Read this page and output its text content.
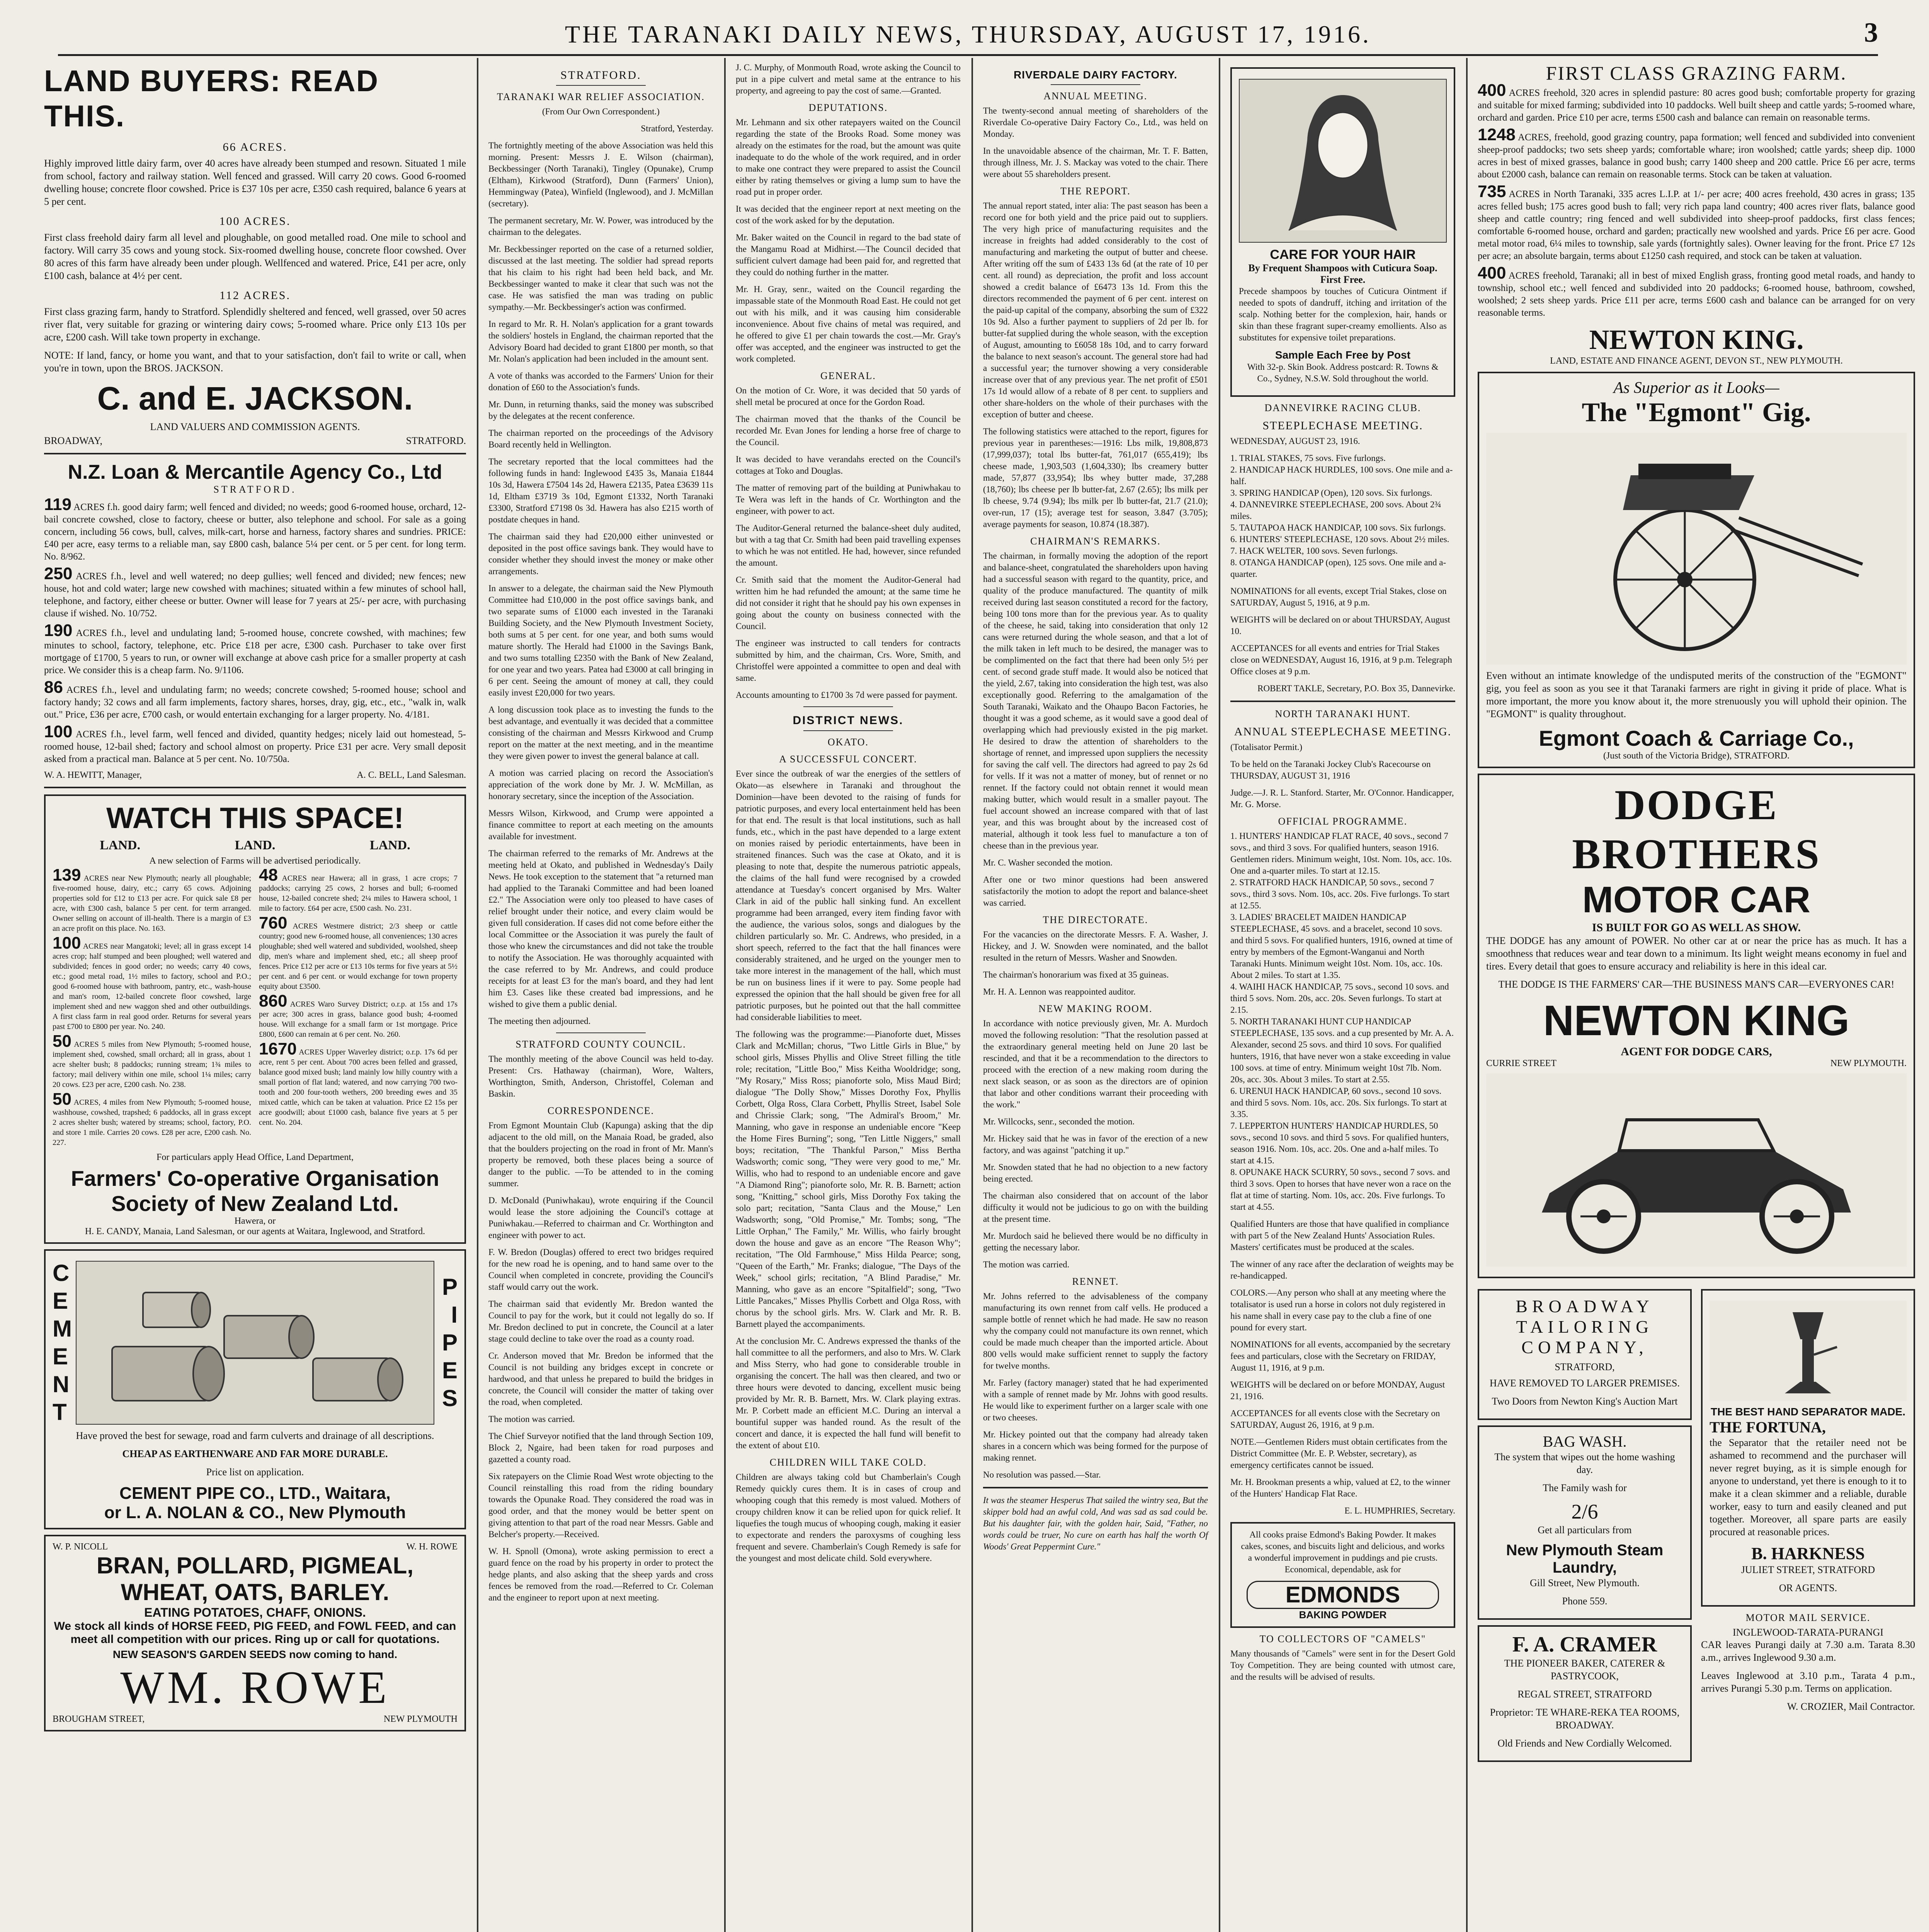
THE TARANAKI DAILY NEWS, THURSDAY, AUGUST 17, 1916.	3
LAND BUYERS: READ THIS.
66 ACRES.

Highly improved little dairy farm, over 40 acres have already been stumped and resown. Situated 1 mile from school, factory and railway station. Well fenced and grassed. Will carry 20 cows. Good 6-roomed dwelling house; concrete floor cowshed. Price is £37 10s per acre, £350 cash required, balance 6 years at 5 per cent.

100 ACRES.

First class freehold dairy farm all level and ploughable, on good metalled road. One mile to school and factory. Will carry 35 cows and young stock. Six-roomed dwelling house, concrete floor cowshed. Over 80 acres of this farm have already been under plough. Wellfenced and watered. Price, £41 per acre, only £100 cash, balance at 4½ per cent.

112 ACRES.

First class grazing farm, handy to Stratford. Splendidly sheltered and fenced, well grassed, over 50 acres river flat, very suitable for grazing or wintering dairy cows; 5-roomed whare. Price only £13 10s per acre, £200 cash. Will take town property in exchange.

NOTE: If land, fancy, or home you want, and that to your satisfaction, don't fail to write or call, when you're in town, upon the BROS. JACKSON.

C. and E. JACKSON.
LAND VALUERS AND COMMISSION AGENTS.
BROADWAY,	STRATFORD.
N.Z. Loan & Mercantile Agency Co., Ltd
STRATFORD.
119 ACRES f.h. good dairy farm; well fenced and divided; no weeds; good 6-roomed house, orchard, 12-bail concrete cowshed, close to factory, cheese or butter, also telephone and school. For sale as a going concern, including 56 cows, bull, calves, milk-cart, horse and harness, factory shares and sundries. PRICE: £40 per acre, easy terms to a reliable man, say £800 cash, balance 5¼ per cent. or 5 per cent. for long term. No. 8/962.
250 ACRES f.h., level and well watered; no deep gullies; well fenced and divided; new fences; new house, hot and cold water; large new cowshed with machines; situated within a few minutes of school hall, telephone, and factory, either cheese or butter. Owner will lease for 7 years at 25/- per acre, with purchasing clause if wished. No. 10/752.
190 ACRES f.h., level and undulating land; 5-roomed house, concrete cowshed, with machines; few minutes to school, factory, telephone, etc. Price £18 per acre, £300 cash. Purchaser to take over first mortgage of £1700, 5 years to run, or owner will exchange at above cash price for a smaller property at cash price. We consider this is a cheap farm. No. 9/1106.
86 ACRES f.h., level and undulating farm; no weeds; concrete cowshed; 5-roomed house; school and factory handy; 32 cows and all farm implements, factory shares, horses, dray, gig, etc., etc., "walk in, walk out." Price, £36 per acre, £700 cash, or would entertain exchanging for a larger property. No. 4/181.
100 ACRES f.h., level farm, well fenced and divided, quantity hedges; nicely laid out homestead, 5-roomed house, 12-bail shed; factory and school almost on property. Price £31 per acre. Very small deposit asked from a practical man. Balance at 5 per cent. No. 10/750a.
W. A. HEWITT, Manager,	A. C. BELL, Land Salesman.
WATCH THIS SPACE!
LAND.	LAND.	LAND.
A new selection of Farms will be advertised periodically.
139 ACRES near New Plymouth; nearly all ploughable; five-roomed house, dairy, etc.; carry 65 cows. Adjoining properties sold for £12 to £13 per acre. For quick sale £8 per acre, with £300 cash, balance 5 per cent. for term arranged. Owner selling on account of ill-health. There is a margin of £3 an acre profit on this place. No. 163.
100 ACRES near Mangatoki; level; all in grass except 14 acres crop; half stumped and been ploughed; well watered and subdivided; fences in good order; no weeds; carry 40 cows, etc.; good metal road, 1½ miles to factory, school and P.O.; good 6-roomed house with bathroom, pantry, etc., wash-house and man's room, 12-bailed concrete floor cowshed, large implement shed and new waggon shed and other outbuildings. A first class farm in real good order. Returns for several years past £700 to £800 per year. No. 240.
50 ACRES 5 miles from New Plymouth; 5-roomed house, implement shed, cowshed, small orchard; all in grass, about 1 acre shelter bush; 8 paddocks; running stream; 1¾ miles to factory; mail delivery within one mile, school 1¼ miles; carry 20 cows. £23 per acre, £200 cash. No. 238.
50 ACRES, 4 miles from New Plymouth; 5-roomed house, washhouse, cowshed, trapshed; 6 paddocks, all in grass except 2 acres shelter bush; watered by streams; school, factory, P.O. and store 1 mile. Carries 20 cows. £28 per acre, £200 cash. No. 227.
48 ACRES near Hawera; all in grass, 1 acre crops; 7 paddocks; carrying 25 cows, 2 horses and bull; 6-roomed house, 12-bailed concrete shed; 2¼ miles to Hawera school, 1 mile to factory. £64 per acre, £500 cash. No. 231.
760 ACRES Westmere district; 2/3 sheep or cattle country; good new 6-roomed house, all conveniences; 130 acres ploughable; shed well watered and subdivided, woolshed, sheep dip, men's whare and implement shed, etc.; all sheep proof fences. Price £12 per acre or £13 10s terms for five years at 5½ per cent. and 6 per cent. or would exchange for town property equity about £3500.
860 ACRES Waro Survey District; o.r.p. at 15s and 17s per acre; 300 acres in grass, balance good bush; 4-roomed house. Will exchange for a small farm or 1st mortgage. Price £800, £600 can remain at 6 per cent. No. 260.
1670 ACRES Upper Waverley district; o.r.p. 17s 6d per acre, rent 5 per cent. About 700 acres been felled and grassed, balance good mixed bush; land mainly low hilly country with a small portion of flat land; watered, and now carrying 700 two-tooth and 200 four-tooth wethers, 200 breeding ewes and 35 mixed cattle, which can be taken at valuation. Price £2 15s per acre goodwill; about £1000 cash, balance five years at 5 per cent. No. 204.
For particulars apply Head Office, Land Department,
Farmers' Co-operative Organisation
Society of New Zealand Ltd.
Hawera, or
H. E. CANDY, Manaia, Land Salesman, or our agents at Waitara, Inglewood, and Stratford.
C E M E N T
P I P E S

Have proved the best for sewage, road and farm culverts and drainage of all descriptions.

CHEAP AS EARTHENWARE AND FAR MORE DURABLE.

Price list on application.

CEMENT PIPE CO., LTD., Waitara,
or L. A. NOLAN & CO., New Plymouth
W. P. NICOLL	W. H. ROWE
BRAN, POLLARD, PIGMEAL,
WHEAT, OATS, BARLEY.
EATING POTATOES, CHAFF, ONIONS.
We stock all kinds of HORSE FEED, PIG FEED, and FOWL FEED, and can meet all competition with our prices. Ring up or call for quotations.
NEW SEASON'S GARDEN SEEDS now coming to hand.
WM. ROWE
BROUGHAM STREET,	NEW PLYMOUTH
STRATFORD.
TARANAKI WAR RELIEF ASSOCIATION.

(From Our Own Correspondent.)

Stratford, Yesterday.

The fortnightly meeting of the above Association was held this morning. Present: Messrs J. E. Wilson (chairman), Beckbessinger (North Taranaki), Tingley (Opunake), Crump (Eltham), Kirkwood (Stratford), Dunn (Farmers' Union), Hemmingway (Patea), Winfield (Inglewood), and J. McMillan (secretary).

The permanent secretary, Mr. W. Power, was introduced by the chairman to the delegates.

Mr. Beckbessinger reported on the case of a returned soldier, discussed at the last meeting. The soldier had spread reports that his claim to his right had been held back, and Mr. Beckbessinger wanted to make it clear that such was not the case. He was satisfied the man was trading on public sympathy.—Mr. Beckbessinger's action was confirmed.

In regard to Mr. R. H. Nolan's application for a grant towards the soldiers' hostels in England, the chairman reported that the Advisory Board had decided to grant £1800 per month, so that Mr. Nolan's application had been included in the amount sent.

A vote of thanks was accorded to the Farmers' Union for their donation of £60 to the Association's funds.

Mr. Dunn, in returning thanks, said the money was subscribed by the delegates at the recent conference.

The chairman reported on the proceedings of the Advisory Board recently held in Wellington.

The secretary reported that the local committees had the following funds in hand: Inglewood £435 3s, Manaia £1844 10s 3d, Hawera £7504 14s 2d, Hawera £2135, Patea £3639 11s 1d, Eltham £3719 3s 10d, Egmont £1332, North Taranaki £3300, Stratford £7198 0s 3d. Hawera has also £215 worth of postdate cheques in hand.

The chairman said they had £20,000 either uninvested or deposited in the post office savings bank. They would have to consider whether they should invest the money or make other arrangements.

In answer to a delegate, the chairman said the New Plymouth Committee had £10,000 in the post office savings bank, and two separate sums of £1000 each invested in the Taranaki Building Society, and the New Plymouth Investment Society, both sums at 5 per cent. for one year, and both sums would mature shortly. The Herald had £1000 in the Savings Bank, and two sums totalling £2350 with the Bank of New Zealand, for one year and two years. Patea had £3000 at call bringing in 6 per cent. Seeing the amount of money at call, they could easily invest £20,000 for two years.

A long discussion took place as to investing the funds to the best advantage, and eventually it was decided that a committee consisting of the chairman and Messrs Kirkwood and Crump report on the matter at the next meeting, and in the meantime they were given power to invest the general balance at call.

A motion was carried placing on record the Association's appreciation of the work done by Mr. J. W. McMillan, as honorary secretary, since the inception of the Association.

Messrs Wilson, Kirkwood, and Crump were appointed a finance committee to report at each meeting on the amounts available for investment.

The chairman referred to the remarks of Mr. Andrews at the meeting held at Okato, and published in Wednesday's Daily News. He took exception to the statement that "a returned man had applied to the Taranaki Committee and had been loaned £2." The Association were only too pleased to have cases of relief brought under their notice, and every claim would be given full consideration. If cases did not come before either the local Committee or the Association it was purely the fault of those who knew the circumstances and did not take the trouble to notify the Association. He was thoroughly acquainted with the case referred to by Mr. Andrews, and could produce receipts for at least £3 for the man's board, and they had lent him £3. Cases like these created bad impressions, and he wished to give them a public denial.

The meeting then adjourned.

STRATFORD COUNTY COUNCIL.

The monthly meeting of the above Council was held to-day. Present: Crs. Hathaway (chairman), Wore, Walters, Worthington, Smith, Anderson, Christoffel, Coleman and Baskin.

CORRESPONDENCE.

From Egmont Mountain Club (Kapunga) asking that the dip adjacent to the old mill, on the Manaia Road, be graded, also that the boulders projecting on the road in front of Mr. Mann's property be removed, both these places being a source of danger to the public. —To be attended to in the coming summer.

D. McDonald (Puniwhakau), wrote enquiring if the Council would lease the store adjoining the Council's cottage at Puniwhakau.—Referred to chairman and Cr. Worthington and engineer with power to act.

F. W. Bredon (Douglas) offered to erect two bridges required for the new road he is opening, and to hand same over to the Council when completed in concrete, providing the Council's staff would carry out the work.

The chairman said that evidently Mr. Bredon wanted the Council to pay for the work, but it could not legally do so. If Mr. Bredon declined to put in concrete, the Council at a later stage could decline to take over the road as a county road.

Cr. Anderson moved that Mr. Bredon be informed that the Council is not building any bridges except in concrete or hardwood, and that unless he prepared to build the bridges in concrete, the Council will consider the matter of taking over the road, when completed.

The motion was carried.

The Chief Surveyor notified that the land through Section 109, Block 2, Ngaire, had been taken for road purposes and gazetted a county road.

Six ratepayers on the Climie Road West wrote objecting to the Council reinstalling this road from the riding boundary towards the Opunake Road. They considered the road was in good order, and that the money would be better spent on giving attention to that part of the road near Messrs. Gable and Belcher's property.—Received.

W. H. Spnoll (Omona), wrote asking permission to erect a guard fence on the road by his property in order to protect the hedge plants, and also asking that the sheep yards and cross fences be removed from the road.—Referred to Cr. Coleman and the engineer to report upon at next meeting.

J. C. Murphy, of Monmouth Road, wrote asking the Council to put in a pipe culvert and metal same at the entrance to his property, and agreeing to pay the cost of same.—Granted.

DEPUTATIONS.

Mr. Lehmann and six other ratepayers waited on the Council regarding the state of the Brooks Road. Some money was already on the estimates for the road, but the amount was quite inadequate to do the whole of the work required, and in order to make one contract they were prepared to assist the Council either by rating themselves or giving a lump sum to have the road put in proper order.

It was decided that the engineer report at next meeting on the cost of the work asked for by the deputation.

Mr. Baker waited on the Council in regard to the bad state of the Mangamu Road at Midhirst.—The Council decided that sufficient culvert damage had been paid for, and regretted that they could do nothing further in the matter.

Mr. H. Gray, senr., waited on the Council regarding the impassable state of the Monmouth Road East. He could not get out with his milk, and it was causing him considerable inconvenience. About five chains of metal was required, and he offered to give £1 per chain towards the cost.—Mr. Gray's offer was accepted, and the engineer was instructed to get the work completed.

GENERAL.

On the motion of Cr. Wore, it was decided that 50 yards of shell metal be procured at once for the Gordon Road.

The chairman moved that the thanks of the Council be recorded Mr. Evan Jones for lending a horse free of charge to the Council.

It was decided to have verandahs erected on the Council's cottages at Toko and Douglas.

The matter of removing part of the building at Puniwhakau to Te Wera was left in the hands of Cr. Worthington and the engineer, with power to act.

The Auditor-General returned the balance-sheet duly audited, but with a tag that Cr. Smith had been paid travelling expenses to which he was not entitled. He had, however, since refunded the amount.

Cr. Smith said that the moment the Auditor-General had written him he had refunded the amount; at the same time he did not consider it right that he should pay his own expenses in going about the county on business connected with the Council.

The engineer was instructed to call tenders for contracts submitted by him, and the chairman, Crs. Wore, Smith, and Christoffel were appointed a committee to open and deal with same.

Accounts amounting to £1700 3s 7d were passed for payment.

DISTRICT NEWS.
OKATO.
A SUCCESSFUL CONCERT.

Ever since the outbreak of war the energies of the settlers of Okato—as elsewhere in Taranaki and throughout the Dominion—have been devoted to the raising of funds for patriotic purposes, and every local entertainment held has been for that end. The result is that local institutions, such as hall funds, etc., which in the past have depended to a large extent on monies raised by periodic entertainments, have been in straitened finances. Such was the case at Okato, and it is pleasing to note that, despite the numerous patriotic appeals, the claims of the hall fund were recognised by a crowded attendance at Tuesday's concert organised by Mrs. Walter Clark in aid of the public hall sinking fund. An excellent programme had been arranged, every item finding favor with the audience, the various solos, songs and dialogues by the children particularly so. Mr. C. Andrews, who presided, in a short speech, referred to the fact that the hall finances were considerably straitened, and he urged on the younger men to take more interest in the management of the hall, which must be run on business lines if it were to pay. Some people had expressed the opinion that the hall should be given free for all patriotic purposes, but he pointed out that the hall committee had considerable liabilities to meet.

The following was the programme:—Pianoforte duet, Misses Clark and McMillan; chorus, "Two Little Girls in Blue," by school girls, Misses Phyllis and Olive Street filling the title role; recitation, "Little Boo," Miss Keitha Wooldridge; song, "My Rosary," Miss Ross; pianoforte solo, Miss Maud Bird; dialogue "The Dolly Show," Misses Dorothy Fox, Phyllis Corbett, Olga Ross, Clara Corbett, Phyllis Street, Isabel Sole and Chrissie Clark; song, "The Admiral's Broom," Mr. Manning, who gave in response an undeniable encore "Keep the Home Fires Burning"; song, "Ten Little Niggers," small boys; recitation, "The Thankful Parson," Miss Bertha Wadsworth; comic song, "They were very good to me," Mr. Willis, who had to respond to an undeniable encore and gave "A Diamond Ring"; pianoforte solo, Mr. R. B. Barnett; action song, "Knitting," school girls, Miss Dorothy Fox taking the solo part; recitation, "Santa Claus and the Mouse," Len Wadsworth; song, "Old Promise," Mr. Tombs; song, "The Little Orphan," The Family," Mr. Willis, who fairly brought down the house and gave as an encore "The Reason Why"; recitation, "The Old Farmhouse," Miss Hilda Pearce; song, "Queen of the Earth," Mr. Franks; dialogue, "The Days of the Week," school girls; recitation, "A Blind Paradise," Mr. Manning, who gave as an encore "Spitalfield"; song, "Two Little Pancakes," Misses Phyllis Corbett and Olga Ross, with chorus by the school girls. Mrs. W. Clark and Mr. R. B. Barnett played the accompaniments.

At the conclusion Mr. C. Andrews expressed the thanks of the hall committee to all the performers, and also to Mrs. W. Clark and Miss Sterry, who had gone to considerable trouble in organising the concert. The hall was then cleared, and two or three hours were devoted to dancing, excellent music being provided by Mr. R. B. Barnett, Mrs. W. Clark playing extras. Mr. P. Corbett made an efficient M.C. During an interval a bountiful supper was handed round. As the result of the concert and dance, it is expected the hall fund will benefit to the extent of about £10.

CHILDREN WILL TAKE COLD.

Children are always taking cold but Chamberlain's Cough Remedy quickly cures them. It is in cases of croup and whooping cough that this remedy is most valued. Mothers of croupy children know it can be relied upon for quick relief. It liquefies the tough mucus of whooping cough, making it easier to expectorate and renders the paroxysms of coughing less frequent and severe. Chamberlain's Cough Remedy is safe for the youngest and most delicate child. Sold everywhere.

RIVERDALE DAIRY FACTORY.
ANNUAL MEETING.

The twenty-second annual meeting of shareholders of the Riverdale Co-operative Dairy Factory Co., Ltd., was held on Monday.

In the unavoidable absence of the chairman, Mr. T. F. Batten, through illness, Mr. J. S. Mackay was voted to the chair. There were about 55 shareholders present.

THE REPORT.

The annual report stated, inter alia: The past season has been a record one for both yield and the price paid out to suppliers. The very high price of manufacturing requisites and the increase in freights had added considerably to the cost of manufacturing and marketing the output of butter and cheese. After writing off the sum of £433 13s 6d (at the rate of 10 per cent. all round) as depreciation, the profit and loss account showed a credit balance of £6473 13s 1d. From this the directors recommended the payment of 6 per cent. interest on the paid-up capital of the company, absorbing the sum of £322 10s 9d. Also a further payment to suppliers of 2d per lb. for butter-fat supplied during the whole season, with the exception of August, amounting to £6058 18s 10d, and to carry forward the balance to next season's account. The general store had had a successful year; the turnover showing a very considerable increase over that of any previous year. The net profit of £501 17s 1d would allow of a rebate of 8 per cent. to suppliers and other share-holders on the whole of their purchases with the exception of butter and cheese.

The following statistics were attached to the report, figures for previous year in parentheses:—1916: Lbs milk, 19,808,873 (17,999,037); total lbs butter-fat, 761,017 (655,419); lbs cheese made, 1,903,503 (1,604,330); lbs creamery butter made, 57,877 (33,954); lbs whey butter made, 37,288 (18,760); lbs cheese per lb butter-fat, 2.67 (2.65); lbs milk per lb cheese, 9.74 (9.94); lbs milk per lb butter-fat, 21.7 (21.0); over-run, 17 (15); average test for season, 3.847 (3.705); average payments for season, 10.874 (18.387).

CHAIRMAN'S REMARKS.

The chairman, in formally moving the adoption of the report and balance-sheet, congratulated the shareholders upon having had a successful season with regard to the quantity, price, and quality of the produce manufactured. The quantity of milk received during last season constituted a record for the factory, being 100 tons more than for the previous year. As to quality of the cheese, he said, taking into consideration that only 12 cans were returned during the whole season, and that a lot of the milk taken in left much to be desired, the manager was to be complimented on the fact that there had been only 5½ per cent. of second grade stuff made. It would also be noticed that the yield, 2.67, taking into consideration the high test, was also exceptionally good. Referring to the amalgamation of the South Taranaki, Waikato and the Ohaupo Bacon Factories, he thought it was a good scheme, as it would save a good deal of overlapping which had previously existed in the pig market. He desired to draw the attention of shareholders to the shortage of rennet, and impressed upon suppliers the necessity for saving the calf vell. The directors had agreed to pay 2s 6d for vells. If it was not a matter of money, but of rennet or no rennet. If the factory could not obtain rennet it would mean making butter, which would result in a smaller payout. The fuel account showed an increase compared with that of last year, and this was brought about by the increased cost of material, although it took less fuel to manufacture a ton of cheese than in the previous year.

Mr. C. Washer seconded the motion.

After one or two minor questions had been answered satisfactorily the motion to adopt the report and balance-sheet was carried.

THE DIRECTORATE.

For the vacancies on the directorate Messrs. F. A. Washer, J. Hickey, and J. W. Snowden were nominated, and the ballot resulted in the return of Messrs. Washer and Snowden.

The chairman's honorarium was fixed at 35 guineas.

Mr. H. A. Lennon was reappointed auditor.

NEW MAKING ROOM.

In accordance with notice previously given, Mr. A. Murdoch moved the following resolution: "That the resolution passed at the extraordinary general meeting held on June 20 last be rescinded, and that it be a recommendation to the directors to proceed with the erection of a new making room during the next slack season, or as soon as the directors are of opinion that labor and other conditions warrant their proceeding with the work."

Mr. Willcocks, senr., seconded the motion.

Mr. Hickey said that he was in favor of the erection of a new factory, and was against "patching it up."

Mr. Snowden stated that he had no objection to a new factory being erected.

The chairman also considered that on account of the labor difficulty it would not be judicious to go on with the building at the present time.

Mr. Murdoch said he believed there would be no difficulty in getting the necessary labor.

The motion was carried.

RENNET.

Mr. Johns referred to the advisableness of the company manufacturing its own rennet from calf vells. He produced a sample bottle of rennet which he had made. He saw no reason why the company could not manufacture its own rennet, which could be made much cheaper than the imported article. About 800 vells would make sufficient rennet to supply the factory for twelve months.

Mr. Farley (factory manager) stated that he had experimented with a sample of rennet made by Mr. Johns with good results. He would like to experiment further on a larger scale with one or two cheeses.

Mr. Hickey pointed out that the company had already taken shares in a concern which was being formed for the purpose of making rennet.

No resolution was passed.—Star.

It was the steamer Hesperus That sailed the wintry sea, But the skipper bold had an awful cold, And was sad as sad could be. But his daughter fair, with the golden hair, Said, "Father, no words could be truer, No cure on earth has half the worth Of Woods' Great Peppermint Cure."

CARE FOR YOUR HAIR
By Frequent Shampoos with Cuticura Soap. First Free.

Precede shampoos by touches of Cuticura Ointment if needed to spots of dandruff, itching and irritation of the scalp. Nothing better for the complexion, hair, hands or skin than these fragrant super-creamy emollients. Also as substitutes for expensive toilet preparations.

Sample Each Free by Post

With 32-p. Skin Book. Address postcard: R. Towns & Co., Sydney, N.S.W. Sold throughout the world.

DANNEVIRKE RACING CLUB.
STEEPLECHASE MEETING.

WEDNESDAY, AUGUST 23, 1916.

1. TRIAL STAKES, 75 sovs. Five furlongs.
2. HANDICAP HACK HURDLES, 100 sovs. One mile and a-half.
3. SPRING HANDICAP (Open), 120 sovs. Six furlongs.
4. DANNEVIRKE STEEPLECHASE, 200 sovs. About 2¾ miles.
5. TAUTAPOA HACK HANDICAP, 100 sovs. Six furlongs.
6. HUNTERS' STEEPLECHASE, 120 sovs. About 2½ miles.
7. HACK WELTER, 100 sovs. Seven furlongs.
8. OTANGA HANDICAP (open), 125 sovs. One mile and a-quarter.

NOMINATIONS for all events, except Trial Stakes, close on SATURDAY, August 5, 1916, at 9 p.m.

WEIGHTS will be declared on or about THURSDAY, August 10.

ACCEPTANCES for all events and entries for Trial Stakes close on WEDNESDAY, August 16, 1916, at 9 p.m. Telegraph Office closes at 9 p.m.

ROBERT TAKLE, Secretary, P.O. Box 35, Dannevirke.

NORTH TARANAKI HUNT.
ANNUAL STEEPLECHASE MEETING.

(Totalisator Permit.)

To be held on the Taranaki Jockey Club's Racecourse on THURSDAY, AUGUST 31, 1916

Judge.—J. R. L. Stanford. Starter, Mr. O'Connor. Handicapper, Mr. G. Morse.

OFFICIAL PROGRAMME.

1. HUNTERS' HANDICAP FLAT RACE, 40 sovs., second 7 sovs., and third 3 sovs. For qualified hunters, season 1916. Gentlemen riders. Minimum weight, 10st. Nom. 10s, acc. 10s. One and a-quarter miles. To start at 12.15.
2. STRATFORD HACK HANDICAP, 50 sovs., second 7 sovs., third 3 sovs. Nom. 10s, acc. 20s. Five furlongs. To start at 12.55.
3. LADIES' BRACELET MAIDEN HANDICAP STEEPLECHASE, 45 sovs. and a bracelet, second 10 sovs. and third 5 sovs. For qualified hunters, 1916, owned at time of entry by members of the Egmont-Wanganui and North Taranaki Hunts. Minimum weight 10st. Nom. 10s, acc. 10s. About 2 miles. To start at 1.35.
4. WAIHI HACK HANDICAP, 75 sovs., second 10 sovs. and third 5 sovs. Nom. 20s, acc. 20s. Seven furlongs. To start at 2.15.
5. NORTH TARANAKI HUNT CUP HANDICAP STEEPLECHASE, 135 sovs. and a cup presented by Mr. A. A. Alexander, second 25 sovs. and third 10 sovs. For qualified hunters, 1916, that have never won a stake exceeding in value 100 sovs. at time of entry. Minimum weight 10st 7lb. Nom. 20s, acc. 30s. About 3 miles. To start at 2.55.
6. URENUI HACK HANDICAP, 60 sovs., second 10 sovs. and third 5 sovs. Nom. 10s, acc. 20s. Six furlongs. To start at 3.35.
7. LEPPERTON HUNTERS' HANDICAP HURDLES, 50 sovs., second 10 sovs. and third 5 sovs. For qualified hunters, season 1916. Nom. 10s, acc. 20s. One and a-half miles. To start at 4.15.
8. OPUNAKE HACK SCURRY, 50 sovs., second 7 sovs. and third 3 sovs. Open to horses that have never won a race on the flat at time of starting. Nom. 10s, acc. 20s. Five furlongs. To start at 4.55.

Qualified Hunters are those that have qualified in compliance with part 5 of the New Zealand Hunts' Association Rules. Masters' certificates must be produced at the scales.

The winner of any race after the declaration of weights may be re-handicapped.

COLORS.—Any person who shall at any meeting where the totalisator is used run a horse in colors not duly registered in his name shall in every case pay to the club a fine of one pound for every start.

NOMINATIONS for all events, accompanied by the secretary fees and particulars, close with the Secretary on FRIDAY, August 11, 1916, at 9 p.m.

WEIGHTS will be declared on or before MONDAY, August 21, 1916.

ACCEPTANCES for all events close with the Secretary on SATURDAY, August 26, 1916, at 9 p.m.

NOTE.—Gentlemen Riders must obtain certificates from the District Committee (Mr. E. P. Webster, secretary), as emergency certificates cannot be issued.

Mr. H. Brookman presents a whip, valued at £2, to the winner of the Hunters' Handicap Flat Race.

E. L. HUMPHRIES, Secretary.

All cooks praise Edmond's Baking Powder. It makes cakes, scones, and biscuits light and delicious, and works a wonderful improvement in puddings and pie crusts. Economical, dependable, ask for

EDMONDS
BAKING POWDER
TO COLLECTORS OF "CAMELS"

Many thousands of "Camels" were sent in for the Desert Gold Toy Competition. They are being counted with utmost care, and the results will be advised of results.

FIRST CLASS GRAZING FARM.
400 ACRES freehold, 320 acres in splendid pasture: 80 acres good bush; comfortable property for grazing and suitable for mixed farming; subdivided into 10 paddocks. Well built sheep and cattle yards; 5-roomed whare, orchard and garden. Price £10 per acre, terms £500 cash and balance can remain on reasonable terms.
1248 ACRES, freehold, good grazing country, papa formation; well fenced and subdivided into convenient sheep-proof paddocks; two sets sheep yards; comfortable whare; iron woolshed; cattle yards; sheep dip. 1000 acres in best of mixed grasses, balance in good bush; carry 1400 sheep and 200 cattle. Price £6 per acre, terms about £2000 cash, balance can remain on reasonable terms. Stock can be taken at valuation.
735 ACRES in North Taranaki, 335 acres L.I.P. at 1/- per acre; 400 acres freehold, 430 acres in grass; 135 acres felled bush; 175 acres good bush to fall; very rich papa land country; 400 acres river flats, balance good sheep and cattle country; ring fenced and well subdivided into sheep-proof paddocks, first class fences; comfortable 6-roomed house, orchard and garden; practically new woolshed and yards. Price £6 per acre. Good metal motor road, 6¼ miles to township, sale yards (fortnightly sales). Owner leaving for the front. Price £7 12s per acre; an absolute bargain, terms about £1250 cash required, and stock can be taken at valuation.
400 ACRES freehold, Taranaki; all in best of mixed English grass, fronting good metal roads, and handy to township, school etc.; well fenced and subdivided into 20 paddocks; 6-roomed house, bathroom, cowshed, woolshed; 2 sets sheep yards. Price £11 per acre, terms £600 cash and balance can be arranged for on very reasonable terms.
NEWTON KING.
LAND, ESTATE AND FINANCE AGENT, DEVON ST., NEW PLYMOUTH.
As Superior as it Looks—
The "Egmont" Gig.

Even without an intimate knowledge of the undisputed merits of the construction of the "EGMONT" gig, you feel as soon as you see it that Taranaki farmers are right in giving it pride of place. What is more important, the more you know about it, the more strenuously you will uphold their opinion. The "EGMONT" is quality throughout.

Egmont Coach & Carriage Co.,
(Just south of the Victoria Bridge), STRATFORD.
DODGE BROTHERS
MOTOR CAR
IS BUILT FOR GO AS WELL AS SHOW.

THE DODGE has any amount of POWER. No other car at or near the price has as much. It has a smoothness that reduces wear and tear down to a minimum. Its light weight means economy in fuel and tires. Every detail that goes to ensure accuracy and reliability is here in this ideal car.

THE DODGE IS THE FARMERS' CAR—THE BUSINESS MAN'S CAR—EVERYONES CAR!

NEWTON KING
AGENT FOR DODGE CARS,
CURRIE STREET	NEW PLYMOUTH.
BROADWAY
TAILORING
COMPANY,
STRATFORD,

HAVE REMOVED TO LARGER PREMISES.

Two Doors from Newton King's Auction Mart

BAG WASH.

The system that wipes out the home washing day.

The Family wash for

2/6

Get all particulars from

New Plymouth Steam Laundry,

Gill Street, New Plymouth.

Phone 559.

F. A. CRAMER

THE PIONEER BAKER, CATERER & PASTRYCOOK,

REGAL STREET, STRATFORD

Proprietor: TE WHARE-REKA TEA ROOMS, BROADWAY.

Old Friends and New Cordially Welcomed.

THE BEST HAND SEPARATOR MADE.
THE FORTUNA,

the Separator that the retailer need not be ashamed to recommend and the purchaser will never regret buying, as it is simple enough for anyone to understand, yet there is enough to it to make it a clean skimmer and a reliable, durable worker, easy to turn and easily cleaned and put together. Moreover, all spare parts are easily procured at reasonable prices.

B. HARKNESS

JULIET STREET, STRATFORD

OR AGENTS.

MOTOR MAIL SERVICE.
INGLEWOOD-TARATA-PURANGI

CAR leaves Purangi daily at 7.30 a.m. Tarata 8.30 a.m., arrives Inglewood 9.30 a.m.

Leaves Inglewood at 3.10 p.m., Tarata 4 p.m., arrives Purangi 5.30 p.m. Terms on application.

W. CROZIER, Mail Contractor.
